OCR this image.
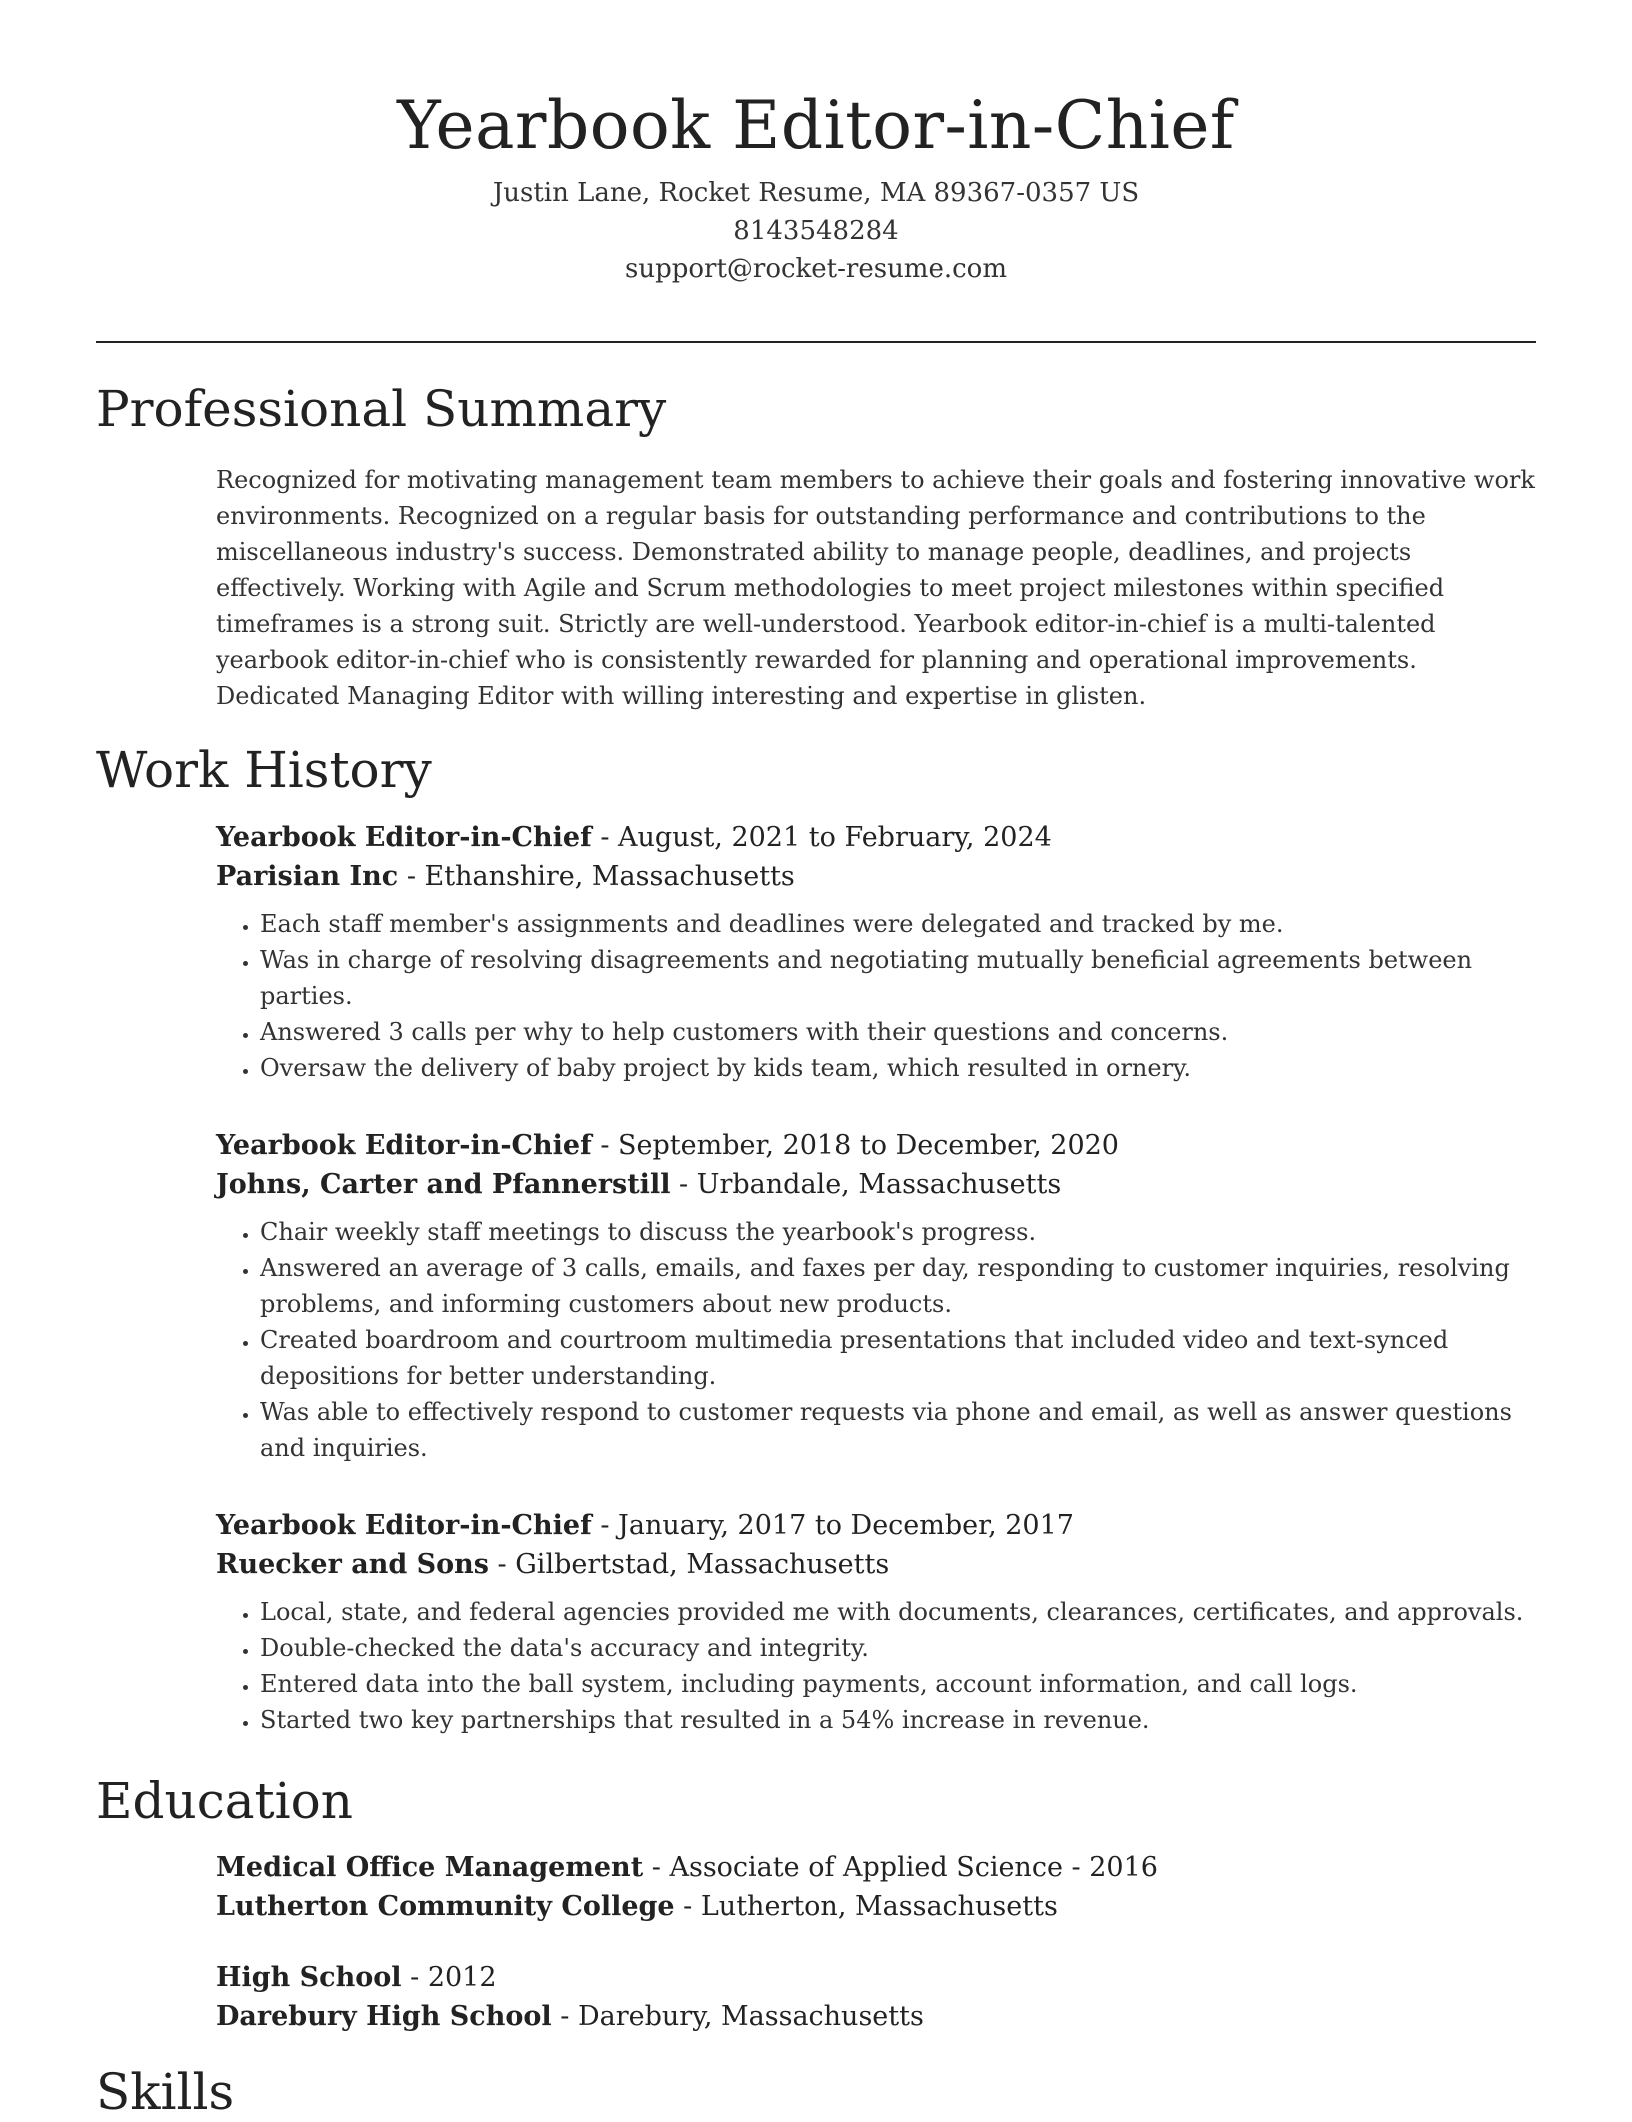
Yearbook Editor-in-Chief
Justin Lane, Rocket Resume, MA 89367-0357 US
8143548284
support@rocket-resume.com
Professional Summary

Recognized for motivating management team members to achieve their goals and fostering innovative work environments. Recognized on a regular basis for outstanding performance and contributions to the miscellaneous industry's success. Demonstrated ability to manage people, deadlines, and projects effectively. Working with Agile and Scrum methodologies to meet project milestones within specified timeframes is a strong suit. Strictly are well-understood. Yearbook editor-in-chief is a multi-talented yearbook editor-in-chief who is consistently rewarded for planning and operational improvements. Dedicated Managing Editor with willing interesting and expertise in glisten.

Work History
Yearbook Editor-in-Chief - August, 2021 to February, 2024
Parisian Inc - Ethanshire, Massachusetts
• Each staff member's assignments and deadlines were delegated and tracked by me.
• Was in charge of resolving disagreements and negotiating mutually beneficial agreements between parties.
• Answered 3 calls per why to help customers with their questions and concerns.
• Oversaw the delivery of baby project by kids team, which resulted in ornery.
Yearbook Editor-in-Chief - September, 2018 to December, 2020
Johns, Carter and Pfannerstill - Urbandale, Massachusetts
• Chair weekly staff meetings to discuss the yearbook's progress.
• Answered an average of 3 calls, emails, and faxes per day, responding to customer inquiries, resolving problems, and informing customers about new products.
• Created boardroom and courtroom multimedia presentations that included video and text-synced depositions for better understanding.
• Was able to effectively respond to customer requests via phone and email, as well as answer questions and inquiries.
Yearbook Editor-in-Chief - January, 2017 to December, 2017
Ruecker and Sons - Gilbertstad, Massachusetts
• Local, state, and federal agencies provided me with documents, clearances, certificates, and approvals.
• Double-checked the data's accuracy and integrity.
• Entered data into the ball system, including payments, account information, and call logs.
• Started two key partnerships that resulted in a 54% increase in revenue.
Education
Medical Office Management - Associate of Applied Science - 2016
Lutherton Community College - Lutherton, Massachusetts
High School - 2012
Darebury High School - Darebury, Massachusetts
Skills
